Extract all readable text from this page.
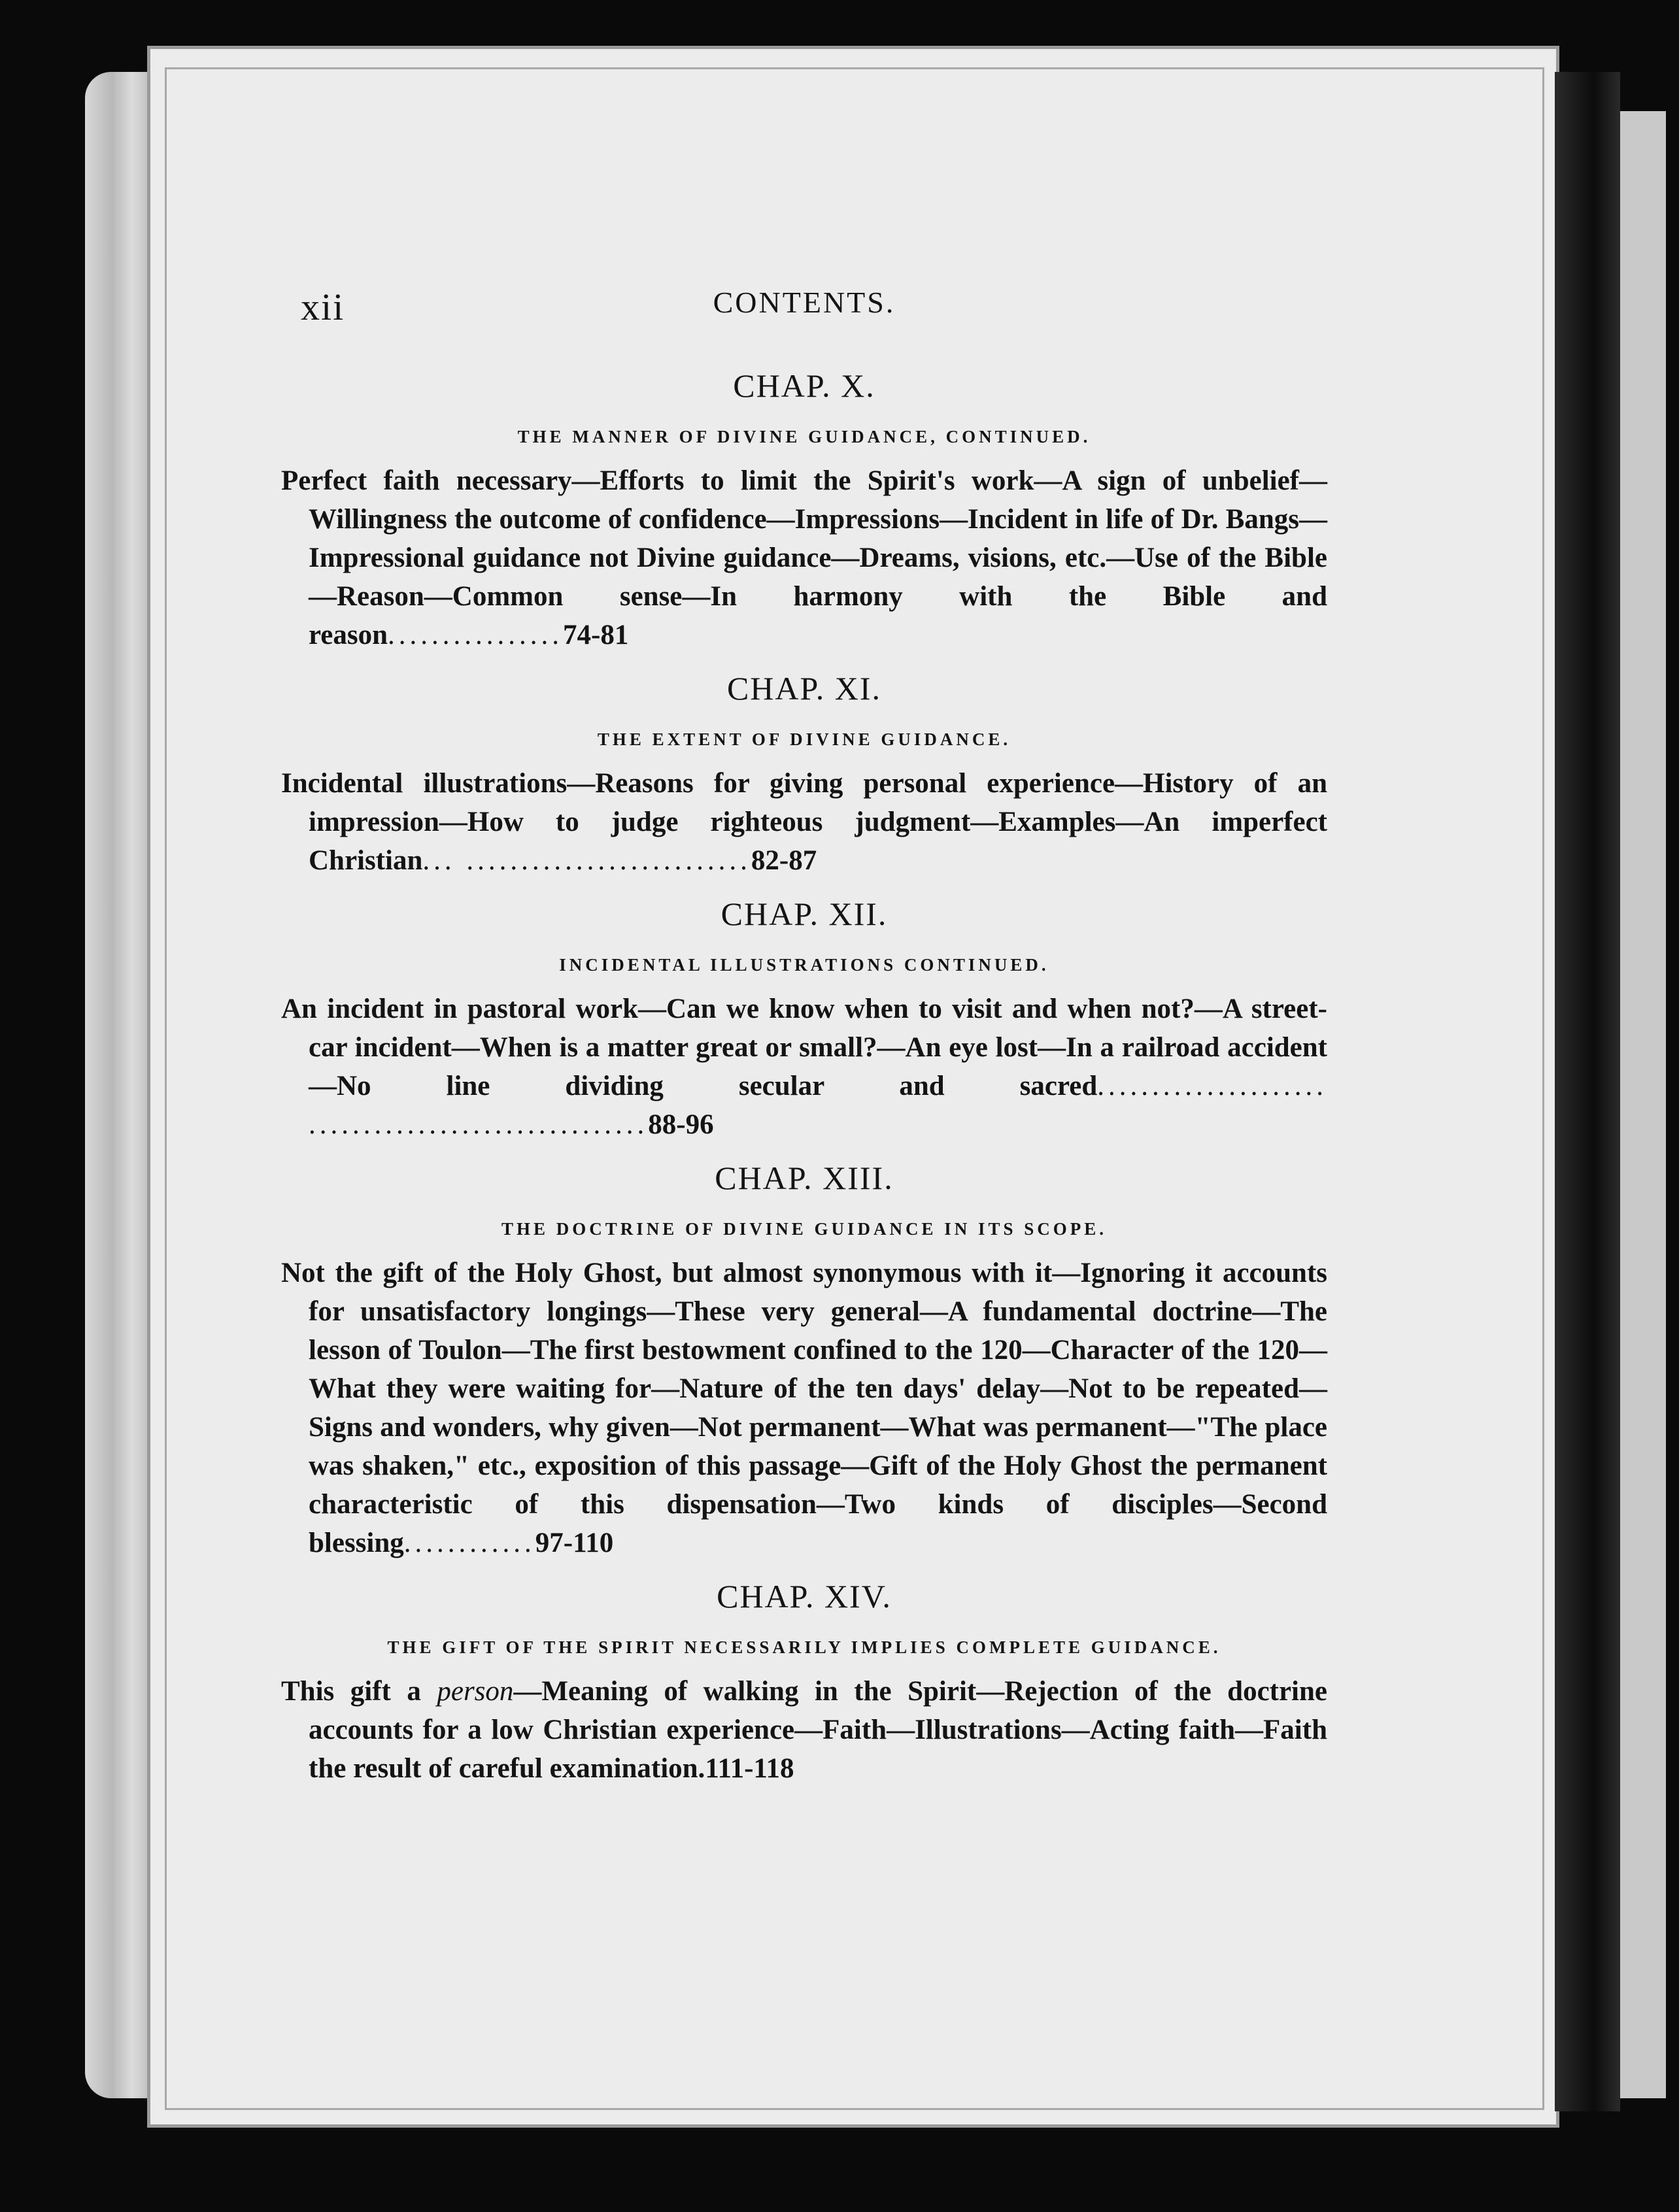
xii	CONTENTS.
CHAP. X.
THE MANNER OF DIVINE GUIDANCE, CONTINUED.

Perfect faith necessary—Efforts to limit the Spirit's work—A sign of unbelief—Willingness the outcome of confidence—Impressions—Incident in life of Dr. Bangs—Impressional guidance not Divine guidance—Dreams, visions, etc.—Use of the Bible—Reason—Common sense—In harmony with the Bible and reason................74-81

CHAP. XI.
THE EXTENT OF DIVINE GUIDANCE.

Incidental illustrations—Reasons for giving personal experience—History of an impression—How to judge righteous judgment—Examples—An imperfect Christian... ..........................82-87

CHAP. XII.
INCIDENTAL ILLUSTRATIONS CONTINUED.

An incident in pastoral work—Can we know when to visit and when not?—A street-car incident—When is a matter great or small?—An eye lost—In a railroad accident—No line dividing secular and sacred..................... ...............................88-96

CHAP. XIII.
THE DOCTRINE OF DIVINE GUIDANCE IN ITS SCOPE.

Not the gift of the Holy Ghost, but almost synonymous with it—Ignoring it accounts for unsatisfactory longings—These very general—A fundamental doctrine—The lesson of Toulon—The first bestowment confined to the 120—Character of the 120—What they were waiting for—Nature of the ten days' delay—Not to be repeated—Signs and wonders, why given—Not permanent—What was permanent—"The place was shaken," etc., exposition of this passage—Gift of the Holy Ghost the permanent characteristic of this dispensation—Two kinds of disciples—Second blessing............97-110

CHAP. XIV.
THE GIFT OF THE SPIRIT NECESSARILY IMPLIES COMPLETE GUIDANCE.

This gift a person—Meaning of walking in the Spirit—Rejection of the doctrine accounts for a low Christian experience—Faith—Illustrations—Acting faith—Faith the result of careful examination.111-118
